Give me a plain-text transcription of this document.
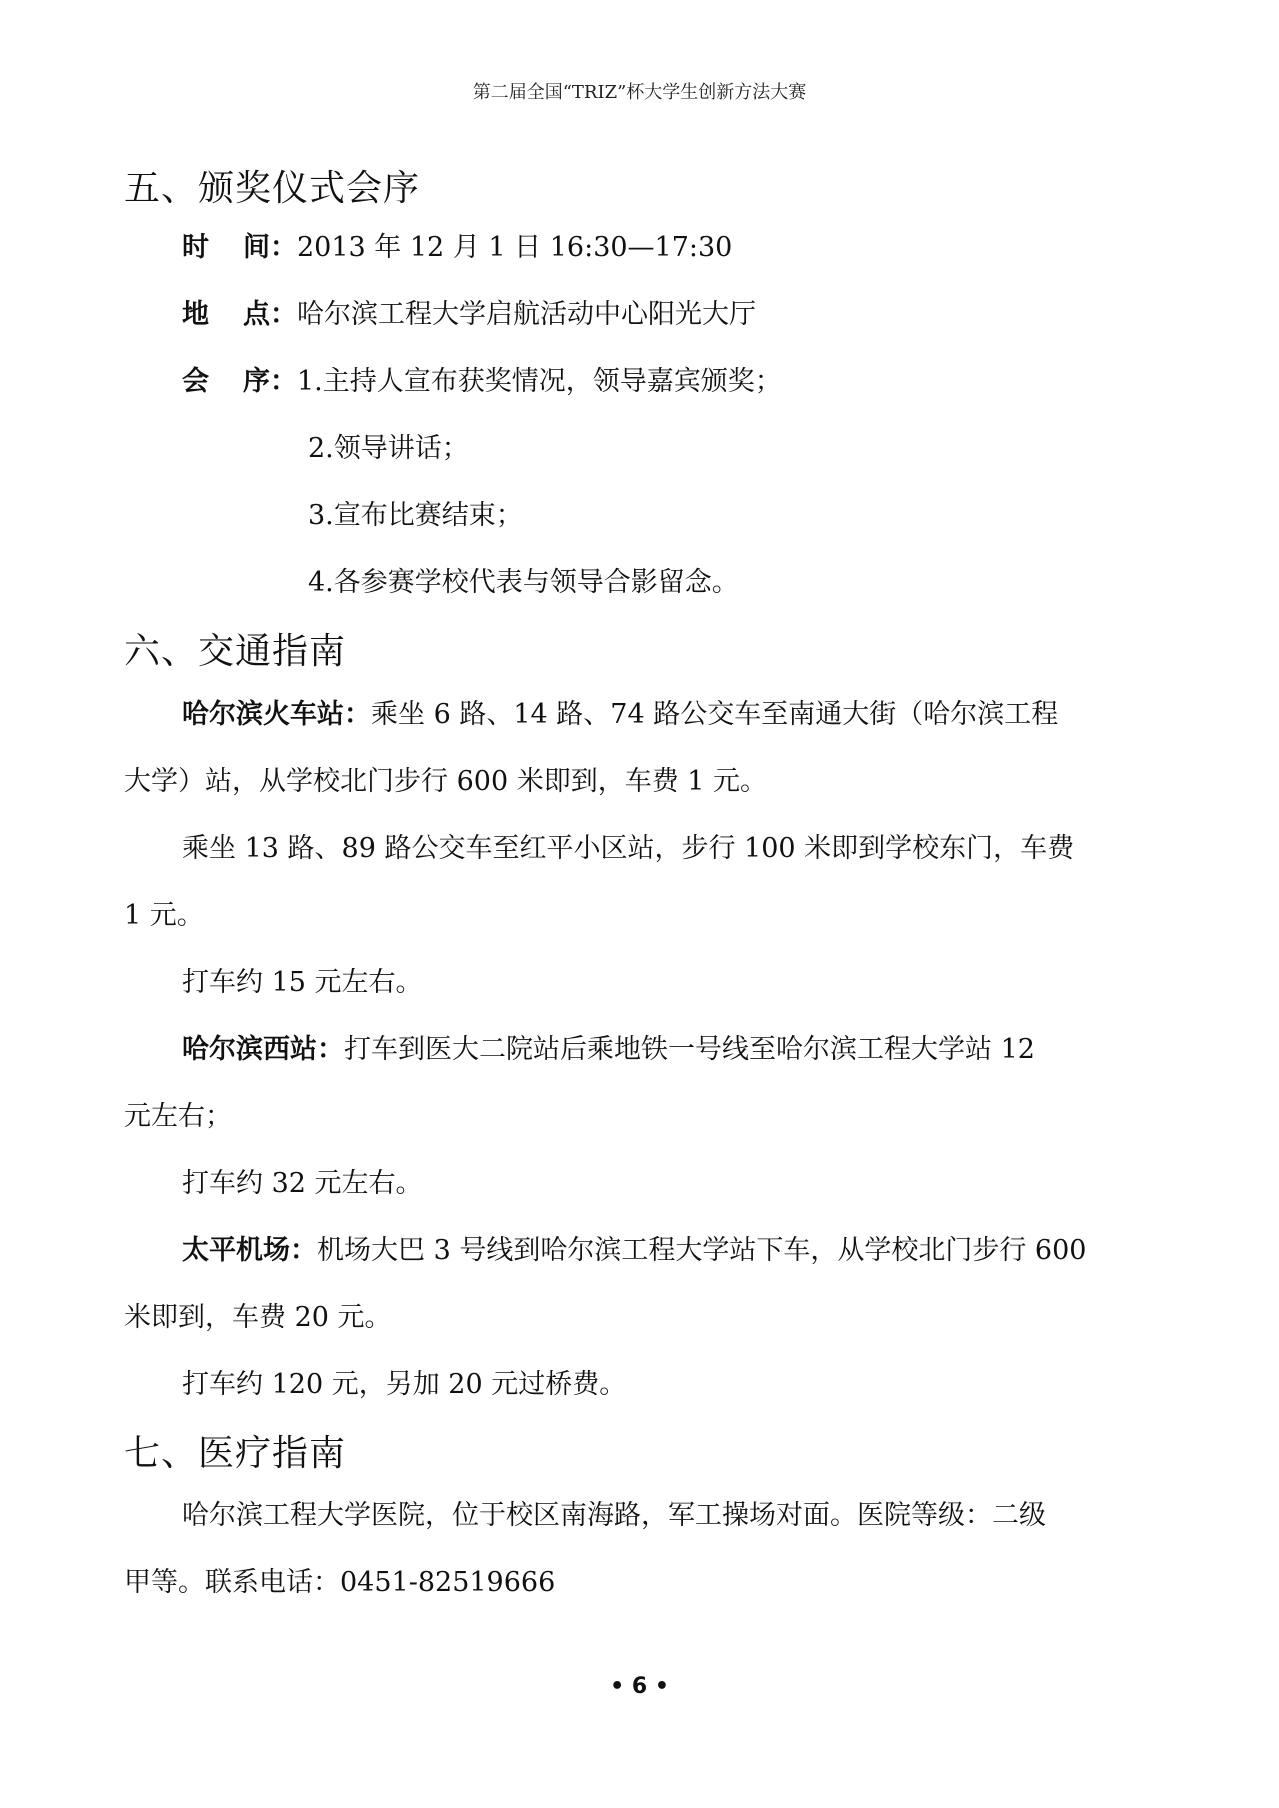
第二届全国“TRIZ”杯大学生创新方法大赛
五、颁奖仪式会序
时间：2013 年 12 月 1 日 16:30—17:30
地点：哈尔滨工程大学启航活动中心阳光大厅
会序：1.主持人宣布获奖情况，领导嘉宾颁奖；
2.领导讲话；
3.宣布比赛结束；
4.各参赛学校代表与领导合影留念。
六、交通指南
哈尔滨火车站：乘坐 6 路、14 路、74 路公交车至南通大街（哈尔滨工程
大学）站，从学校北门步行 600 米即到，车费 1 元。
乘坐 13 路、89 路公交车至红平小区站，步行 100 米即到学校东门，车费
1 元。
打车约 15 元左右。
哈尔滨西站：打车到医大二院站后乘地铁一号线至哈尔滨工程大学站 12
元左右；
打车约 32 元左右。
太平机场：机场大巴 3 号线到哈尔滨工程大学站下车，从学校北门步行 600
米即到，车费 20 元。
打车约 120 元，另加 20 元过桥费。
七、医疗指南
哈尔滨工程大学医院，位于校区南海路，军工操场对面。医院等级：二级
甲等。联系电话：0451-82519666
• 6 •
